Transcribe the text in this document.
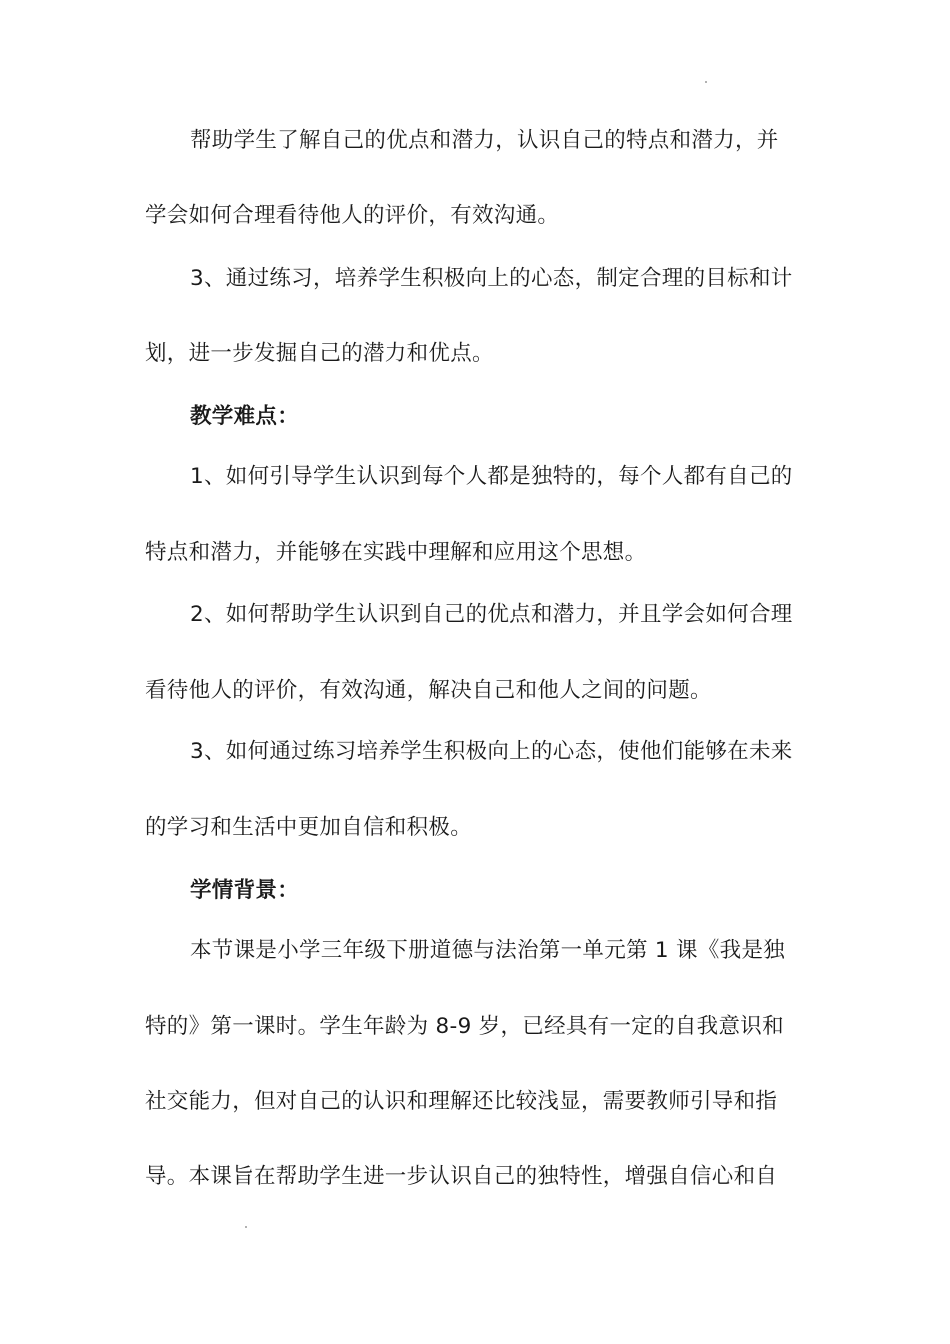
帮助学生了解自己的优点和潜力，认识自己的特点和潜力，并
学会如何合理看待他人的评价，有效沟通。
3、通过练习，培养学生积极向上的心态，制定合理的目标和计
划，进一步发掘自己的潜力和优点。
教学难点：
1、如何引导学生认识到每个人都是独特的，每个人都有自己的
特点和潜力，并能够在实践中理解和应用这个思想。
2、如何帮助学生认识到自己的优点和潜力，并且学会如何合理
看待他人的评价，有效沟通，解决自己和他人之间的问题。
3、如何通过练习培养学生积极向上的心态，使他们能够在未来
的学习和生活中更加自信和积极。
学情背景：
本节课是小学三年级下册道德与法治第一单元第 1 课《我是独
特的》第一课时。学生年龄为 8-9 岁，已经具有一定的自我意识和
社交能力，但对自己的认识和理解还比较浅显，需要教师引导和指
导。本课旨在帮助学生进一步认识自己的独特性，增强自信心和自
